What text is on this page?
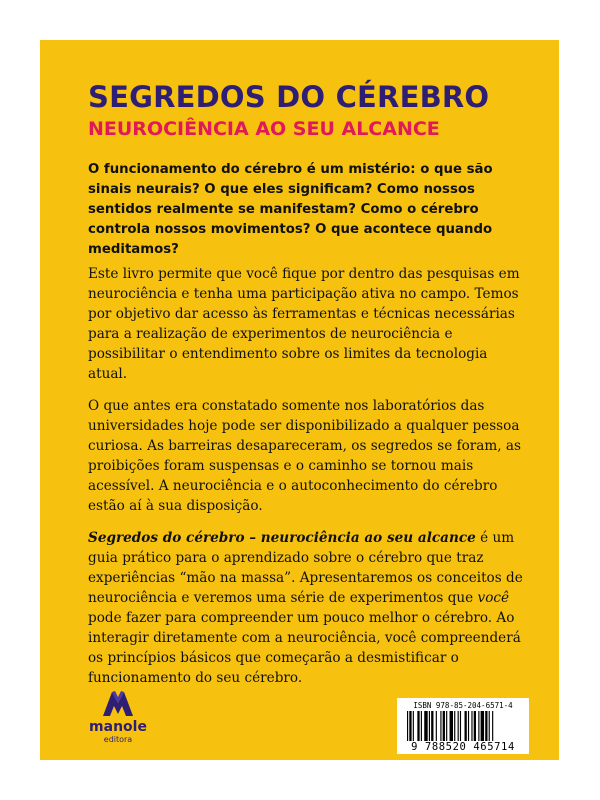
SEGREDOS DO CÉREBRO
NEUROCIÊNCIA AO SEU ALCANCE

O funcionamento do cérebro é um mistério: o que são sinais neurais? O que eles significam? Como nossos sentidos realmente se manifestam? Como o cérebro controla nossos movimentos? O que acontece quando meditamos?

Este livro permite que você fique por dentro das pesquisas em neurociência e tenha uma participação ativa no campo. Temos por objetivo dar acesso às ferramentas e técnicas necessárias para a realização de experimentos de neurociência e possibilitar o entendimento sobre os limites da tecnologia atual.

O que antes era constatado somente nos laboratórios das universidades hoje pode ser disponibilizado a qualquer pessoa curiosa. As barreiras desapareceram, os segredos se foram, as proibições foram suspensas e o caminho se tornou mais acessível. A neurociência e o autoconhecimento do cérebro estão aí à sua disposição.

Segredos do cérebro – neurociência ao seu alcance é um guia prático para o aprendizado sobre o cérebro que traz experiências “mão na massa”. Apresentaremos os conceitos de neurociência e veremos uma série de experimentos que você pode fazer para compreender um pouco melhor o cérebro. Ao interagir diretamente com a neurociência, você compreenderá os princípios básicos que começarão a desmistificar o funcionamento do seu cérebro.

manole
editora
ISBN 978-85-204-6571-4
9 788520 465714
